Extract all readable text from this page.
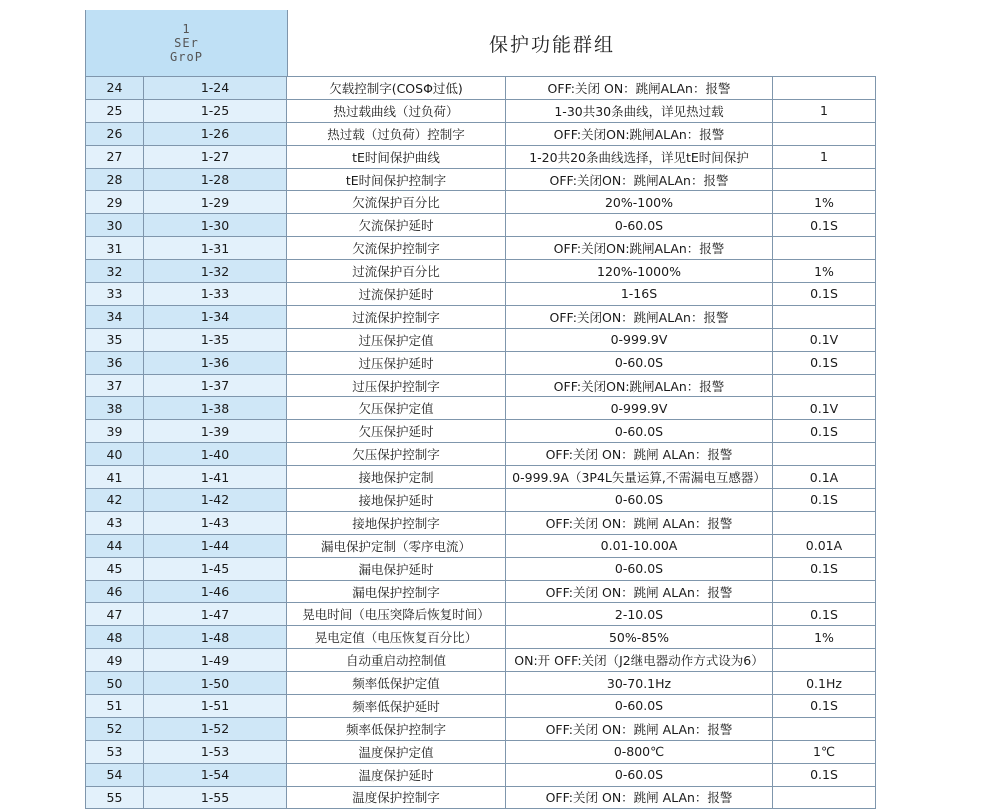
1
SEr
GroP
保护功能群组
24	1-24	欠载控制字(COSΦ过低)	OFF:关闭 ON：跳闸ALAn：报警
25	1-25	热过载曲线（过负荷）	1-30共30条曲线，详见热过载	1
26	1-26	热过载（过负荷）控制字	OFF:关闭ON:跳闸ALAn：报警
27	1-27	tE时间保护曲线	1-20共20条曲线选择，详见tE时间保护	1
28	1-28	tE时间保护控制字	OFF:关闭ON：跳闸ALAn：报警
29	1-29	欠流保护百分比	20%-100%	1%
30	1-30	欠流保护延时	0-60.0S	0.1S
31	1-31	欠流保护控制字	OFF:关闭ON:跳闸ALAn：报警
32	1-32	过流保护百分比	120%-1000%	1%
33	1-33	过流保护延时	1-16S	0.1S
34	1-34	过流保护控制字	OFF:关闭ON：跳闸ALAn：报警
35	1-35	过压保护定值	0-999.9V	0.1V
36	1-36	过压保护延时	0-60.0S	0.1S
37	1-37	过压保护控制字	OFF:关闭ON:跳闸ALAn：报警
38	1-38	欠压保护定值	0-999.9V	0.1V
39	1-39	欠压保护延时	0-60.0S	0.1S
40	1-40	欠压保护控制字	OFF:关闭 ON：跳闸 ALAn：报警
41	1-41	接地保护定制	0-999.9A（3P4L矢量运算,不需漏电互感器）	0.1A
42	1-42	接地保护延时	0-60.0S	0.1S
43	1-43	接地保护控制字	OFF:关闭 ON：跳闸 ALAn：报警
44	1-44	漏电保护定制（零序电流）	0.01-10.00A	0.01A
45	1-45	漏电保护延时	0-60.0S	0.1S
46	1-46	漏电保护控制字	OFF:关闭 ON：跳闸 ALAn：报警
47	1-47	晃电时间（电压突降后恢复时间）	2-10.0S	0.1S
48	1-48	晃电定值（电压恢复百分比）	50%-85%	1%
49	1-49	自动重启动控制值	ON:开 OFF:关闭（J2继电器动作方式设为6）
50	1-50	频率低保护定值	30-70.1Hz	0.1Hz
51	1-51	频率低保护延时	0-60.0S	0.1S
52	1-52	频率低保护控制字	OFF:关闭 ON：跳闸 ALAn：报警
53	1-53	温度保护定值	0-800℃	1℃
54	1-54	温度保护延时	0-60.0S	0.1S
55	1-55	温度保护控制字	OFF:关闭 ON：跳闸 ALAn：报警
